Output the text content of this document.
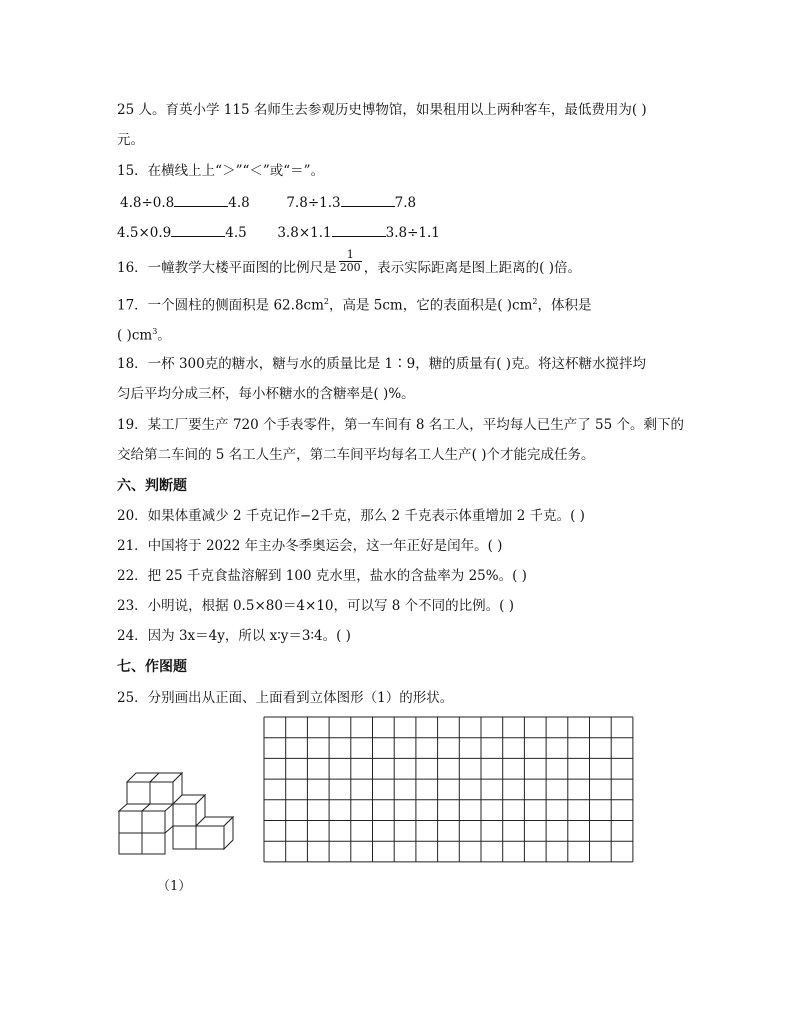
25 人。育英小学 115 名师生去参观历史博物馆，如果租用以上两种客车，最低费用为( )
元。
15．在横线上上“＞”“＜”或“＝”。
4.8÷0.8	4.8	7.8÷1.3	7.8
4.5×0.9	4.5 3.8×1.1	3.8÷1.1
16．一幢教学大楼平面图的比例尺是 $\frac{1}{200}$ ，表示实际距离是图上距离的( )倍。
17．一个圆柱的侧面积是 $62.8cm^2$，高是 5cm，它的表面积是( )$cm^2$，体积是
( )$cm^3$。
18．一杯 300克的糖水，糖与水的质量比是 1∶9，糖的质量有( )克。将这杯糖水搅拌均
匀后平均分成三杯，每小杯糖水的含糖率是( )%。
19．某工厂要生产 720 个手表零件，第一车间有 8 名工人，平均每人已生产了 55 个。剩下的
交给第二车间的 5 名工人生产，第二车间平均每名工人生产( )个才能完成任务。
六、判断题
20．如果体重减少 2 千克记作−2千克，那么 2 千克表示体重增加 2 千克。( )
21．中国将于 2022 年主办冬季奥运会，这一年正好是闰年。( )
22．把 25 千克食盐溶解到 100 克水里，盐水的含盐率为 25%。( )
23．小明说，根据 0.5×80＝4×10，可以写 8 个不同的比例。( )
24．因为 3x＝4y，所以 x∶y＝3∶4。( )
七、作图题
25．分别画出从正面、上面看到立体图形（1）的形状。
（1）
